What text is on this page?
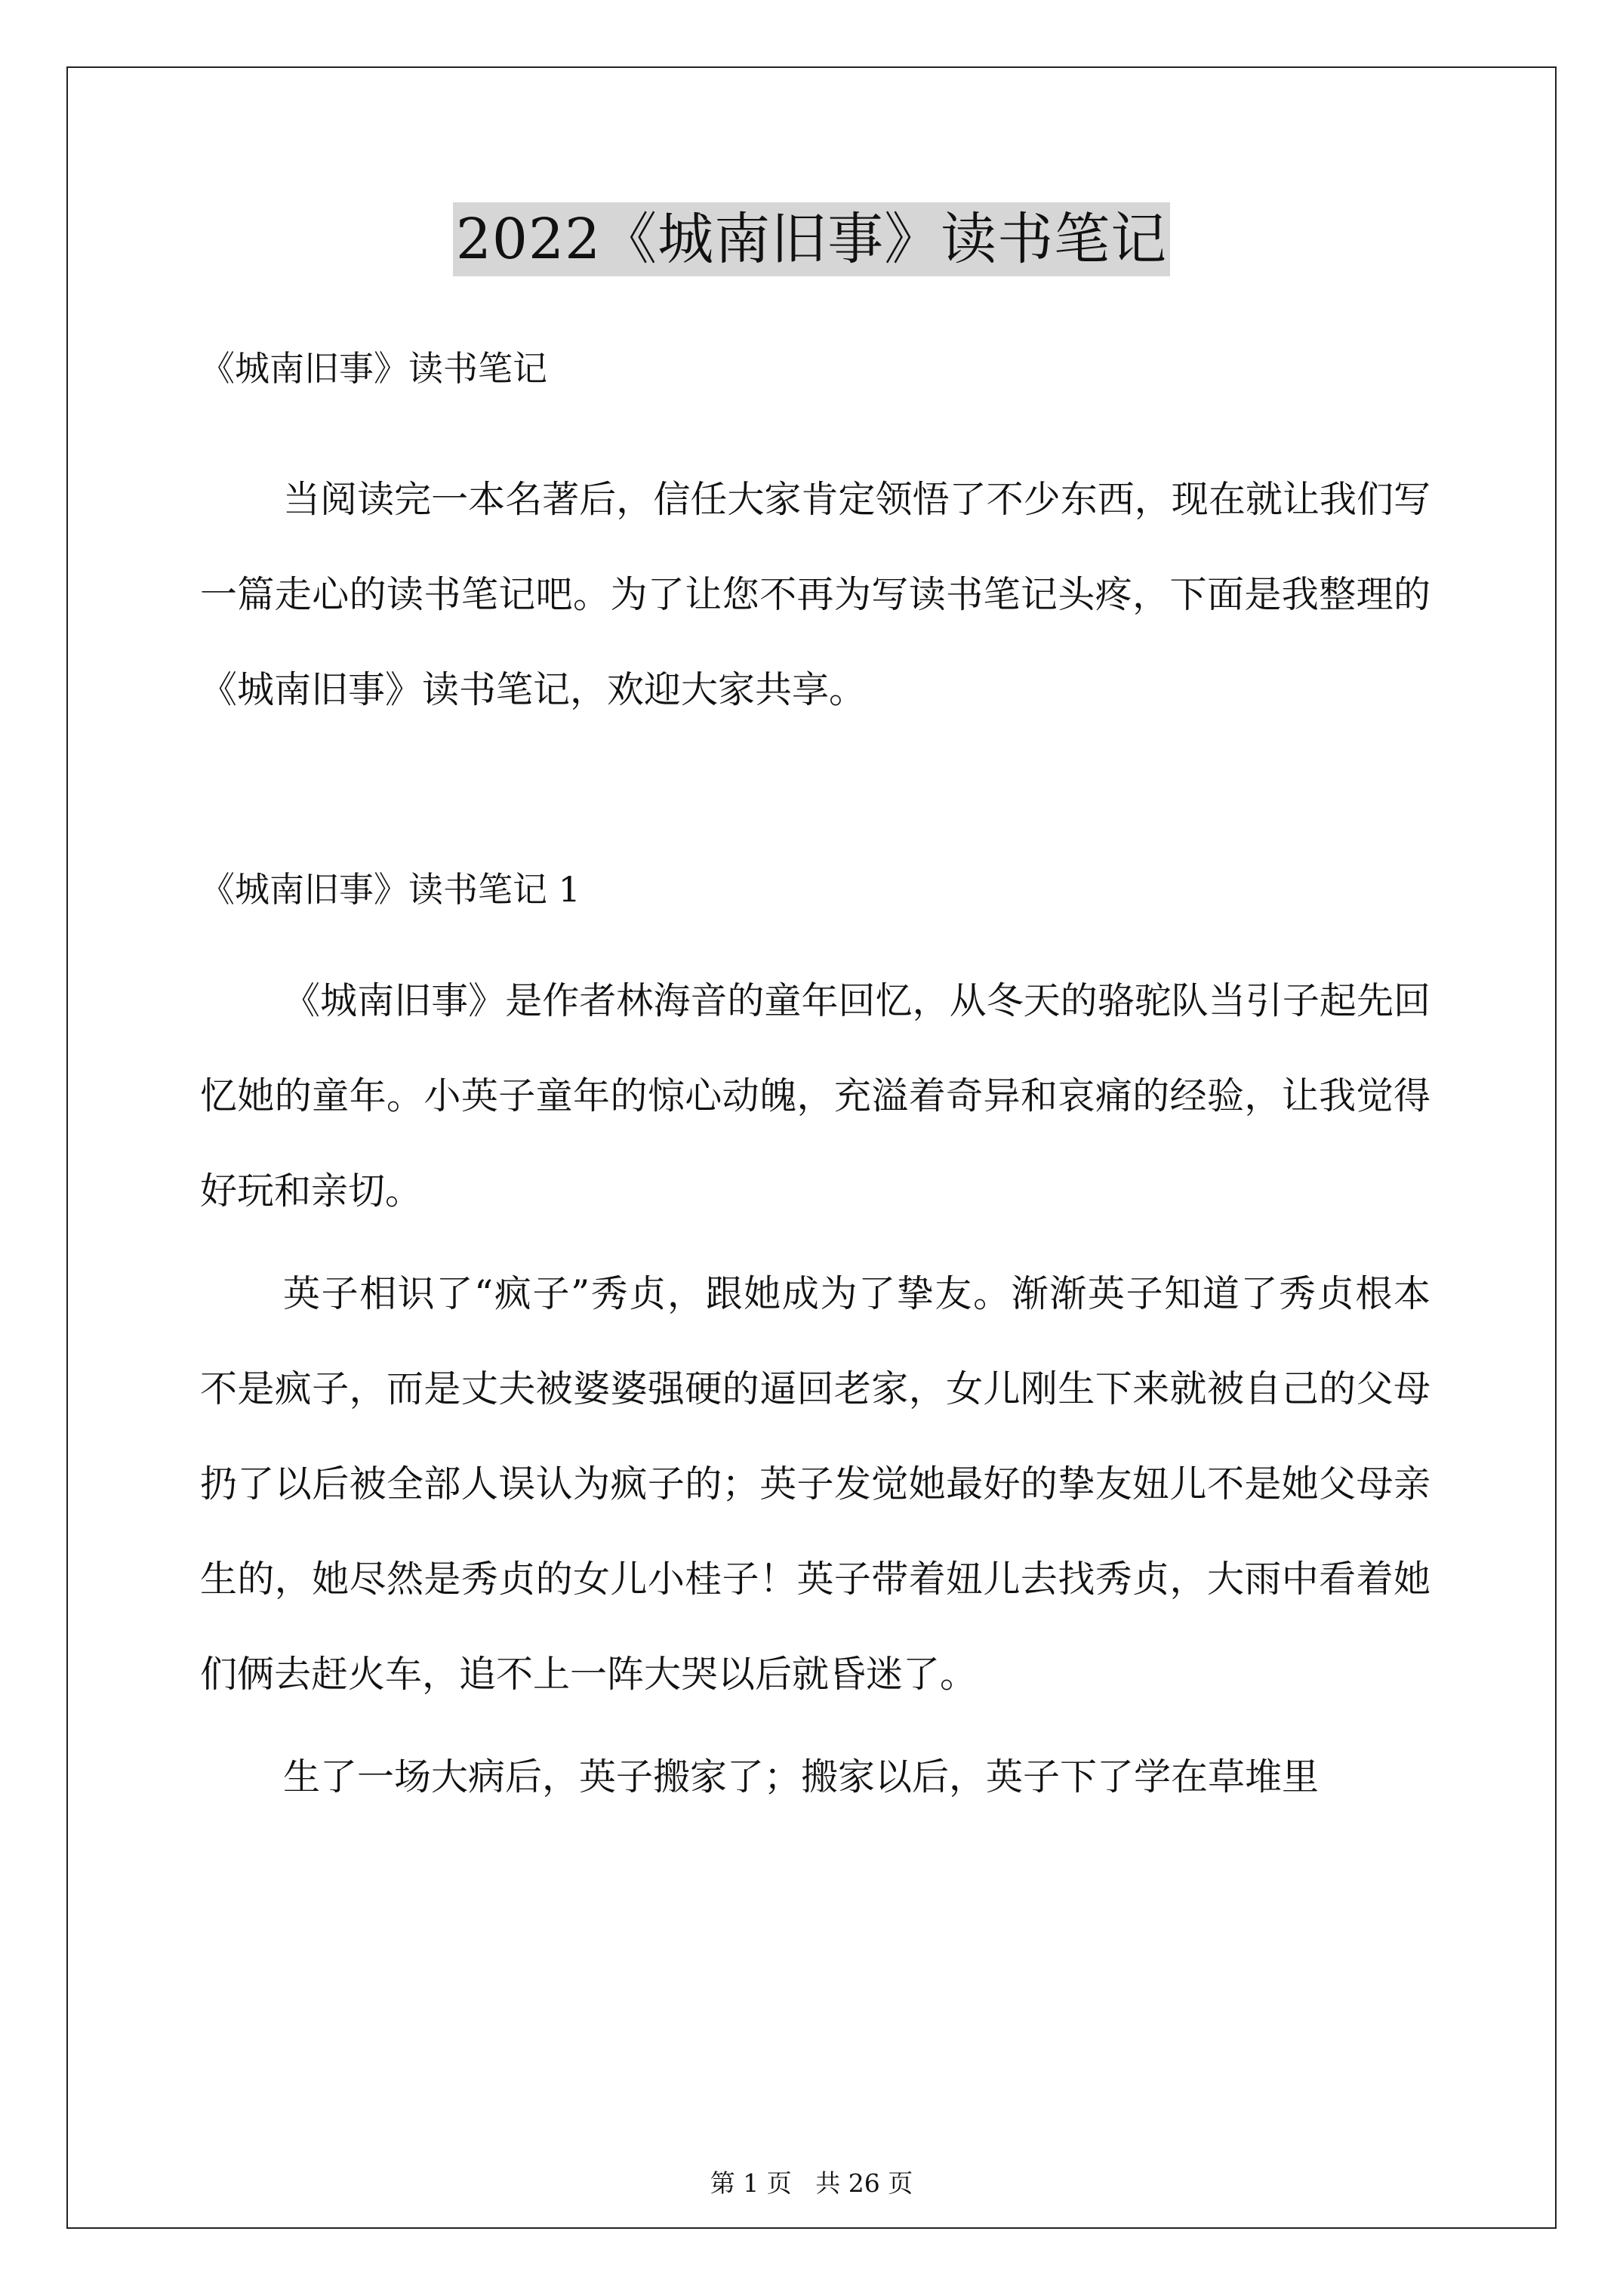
2022《城南旧事》读书笔记

《城南旧事》读书笔记

当阅读完一本名著后，信任大家肯定领悟了不少东西，现在就让我们写一篇走心的读书笔记吧。为了让您不再为写读书笔记头疼，下面是我整理的《城南旧事》读书笔记，欢迎大家共享。

《城南旧事》读书笔记 1

《城南旧事》是作者林海音的童年回忆，从冬天的骆驼队当引子起先回忆她的童年。小英子童年的惊心动魄，充溢着奇异和哀痛的经验，让我觉得好玩和亲切。

英子相识了“疯子”秀贞，跟她成为了挚友。渐渐英子知道了秀贞根本不是疯子，而是丈夫被婆婆强硬的逼回老家，女儿刚生下来就被自己的父母扔了以后被全部人误认为疯子的；英子发觉她最好的挚友妞儿不是她父母亲生的，她尽然是秀贞的女儿小桂子！英子带着妞儿去找秀贞，大雨中看着她们俩去赶火车，追不上一阵大哭以后就昏迷了。

生了一场大病后，英子搬家了；搬家以后，英子下了学在草堆里

第 1 页   共 26 页
